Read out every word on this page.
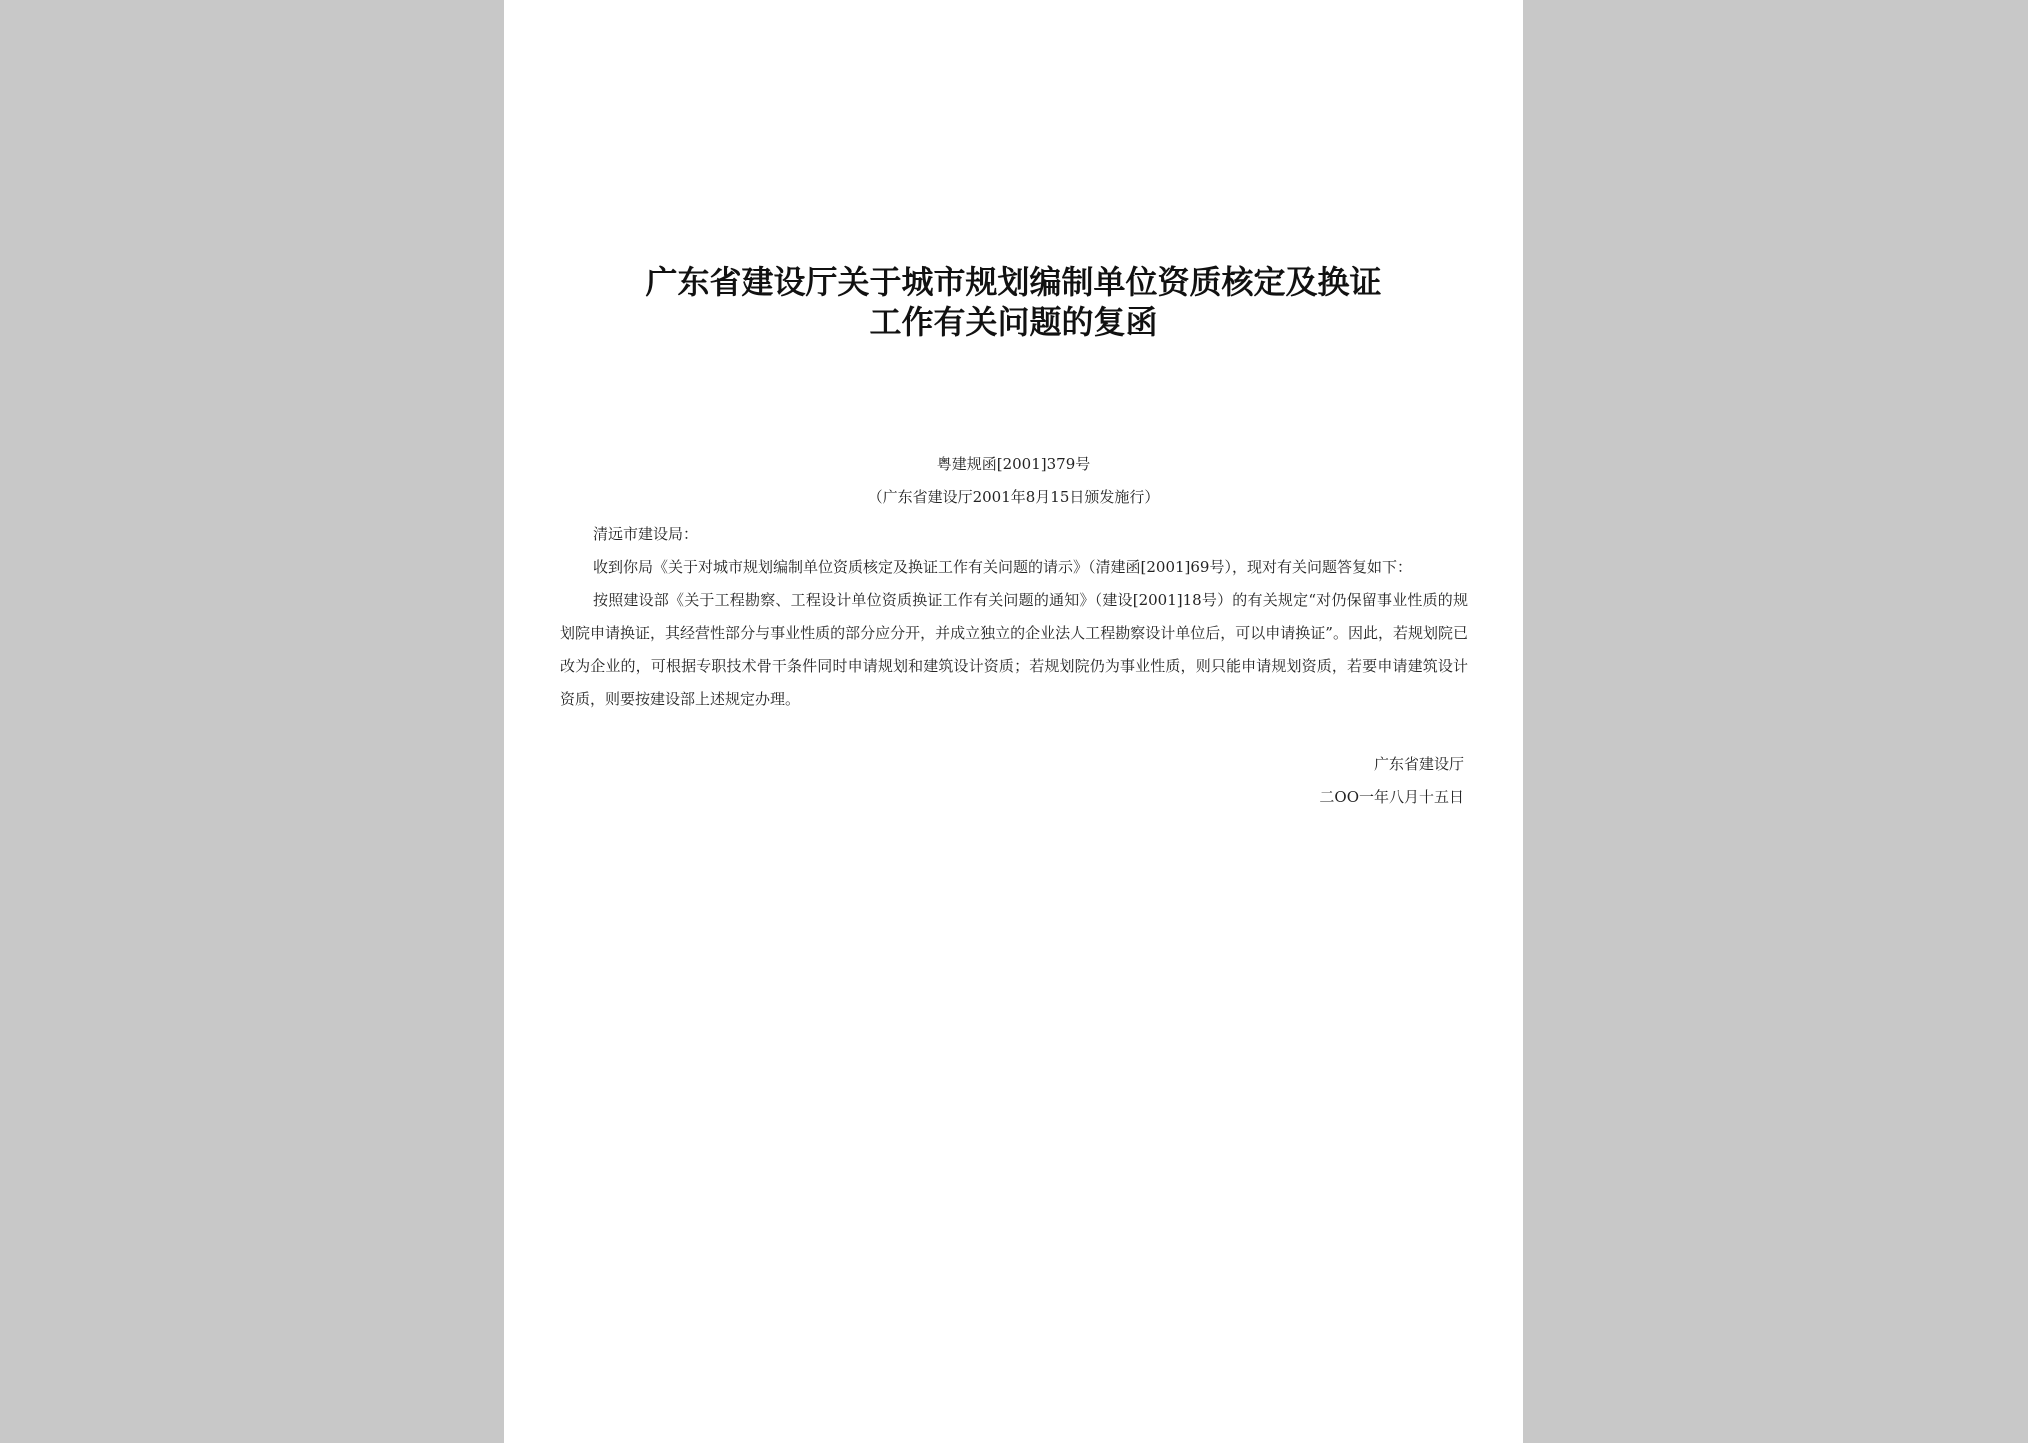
广东省建设厅关于城市规划编制单位资质核定及换证
工作有关问题的复函
粤建规函[2001]379号
（广东省建设厅2001年8月15日颁发施行）

清远市建设局：

收到你局《关于对城市规划编制单位资质核定及换证工作有关问题的请示》（清建函[2001]69号），现对有关问题答复如下：

按照建设部《关于工程勘察、工程设计单位资质换证工作有关问题的通知》（建设[2001]18号）的有关规定“对仍保留事业性质的规划院申请换证，其经营性部分与事业性质的部分应分开，并成立独立的企业法人工程勘察设计单位后，可以申请换证”。因此，若规划院已改为企业的，可根据专职技术骨干条件同时申请规划和建筑设计资质；若规划院仍为事业性质，则只能申请规划资质，若要申请建筑设计资质，则要按建设部上述规定办理。

广东省建设厅
二OO一年八月十五日
